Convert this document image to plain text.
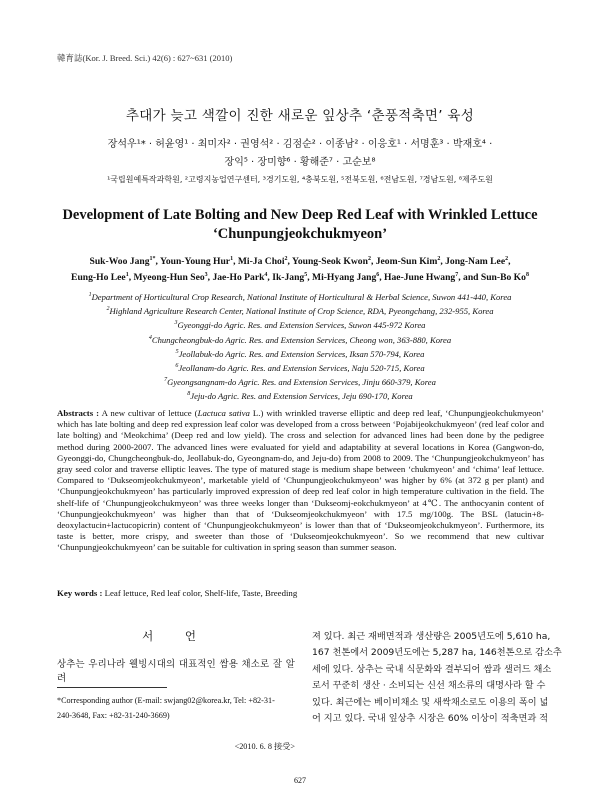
韓育誌(Kor. J. Breed. Sci.) 42(6) : 627~631 (2010)
추대가 늦고 색깔이 진한 새로운 잎상추 ‘춘풍적축면’ 육성
장석우¹* · 허윤영¹ · 최미자² · 권영석² · 김점순² · 이종남² · 이응호¹ · 서명훈³ · 박재호⁴ ·
장익⁵ · 장미향⁶ · 황해준⁷ · 고순보⁸
¹국립원예특작과학원, ²고령지농업연구센터, ³경기도원, ⁴충북도원, ⁵전북도원, ⁶전남도원, ⁷경남도원, ⁸제주도원
Development of Late Bolting and New Deep Red Leaf with Wrinkled Lettuce
‘Chunpungjeokchukmyeon’
Suk-Woo Jang$^{1*}$, Youn-Young Hur$^1$, Mi-Ja Choi$^2$, Young-Seok Kwon$^2$, Jeom-Sun Kim$^2$, Jong-Nam Lee$^2$,
Eung-Ho Lee$^1$, Myeong-Hun Seo$^3$, Jae-Ho Park$^4$, Ik-Jang$^5$, Mi-Hyang Jang$^6$, Hae-June Hwang$^7$, and Sun-Bo Ko$^8$
$^1$Department of Horticultural Crop Research, National Institute of Horticultural & Herbal Science, Suwon 441-440, Korea
$^2$Highland Agriculture Research Center, National Institute of Crop Science, RDA, Pyeongchang, 232-955, Korea
$^3$Gyeonggi-do Agric. Res. and Extension Services, Suwon 445-972 Korea
$^4$Chungcheongbuk-do Agric. Res. and Extension Services, Cheong won, 363-880, Korea
$^5$Jeollabuk-do Agric. Res. and Extension Services, Iksan 570-794, Korea
$^6$Jeollanam-do Agric. Res. and Extension Services, Naju 520-715, Korea
$^7$Gyeongsangnam-do Agric. Res. and Extension Services, Jinju 660-379, Korea
$^8$Jeju-do Agric. Res. and Extension Services, Jeju 690-170, Korea
Abstracts : A new cultivar of lettuce (Lactuca sativa L.) with wrinkled traverse elliptic and deep red leaf, ‘Chunpungjeokchukmyeon’ which has late bolting and deep red expression leaf color was developed from a cross between ‘Pojabijeokchukmyeon’ (red leaf color and late bolting) and ‘Meokchima’ (Deep red and low yield). The cross and selection for advanced lines had been done by the pedigree method during 2000-2007. The advanced lines were evaluated for yield and adaptability at several locations in Korea (Gangwon-do, Gyeonggi-do, Chungcheongbuk-do, Jeollabuk-do, Gyeongnam-do, and Jeju-do) from 2008 to 2009. The ‘Chunpungjeokchukmyeon’ has gray seed color and traverse elliptic leaves. The type of matured stage is medium shape between ‘chukmyeon’ and ‘chima’ leaf lettuce. Compared to ‘Dukseomjeokchukmyeon’, marketable yield of ‘Chunpungjeokchukmyeon’ was higher by 6% (at 372 g per plant) and ‘Chunpungjeokchukmyeon’ has particularly improved expression of deep red leaf color in high temperature cultivation in the field. The shelf-life of ‘Chunpungjeokchukmyeon’ was three weeks longer than ‘Dukseomj-eokchukmyeon’ at 4℃. The anthocyanin content of ‘Chunpungjeokchukmyeon’ was higher than that of ‘Dukseomjeokchukmyeon’ with 17.5 mg/100g. The BSL (latucin+8-deoxylactucin+lactucopicrin) content of ‘Chunpungjeokchukmyeon’ is lower than that of ‘Dukseomjeokchukmyeon’. Furthermore, its taste is better, more crispy, and sweeter than those of ‘Dukseomjeokchukmyeon’. So we recommend that new cultivar ‘Chunpungjeokchukmyeon’ can be suitable for cultivation in spring season than summer season.
Key words : Leaf lettuce, Red leaf color, Shelf-life, Taste, Breeding
서 언
상추는 우리나라 웰빙시대의 대표적인 쌈용 채소로 잘 알려
*Corresponding author (E-mail: swjang02@korea.kr, Tel: +82-31-
240-3648, Fax: +82-31-240-3669)
<2010. 6. 8 接受>
져 있다. 최근 재배면적과 생산량은 2005년도에 5,610 ha,
167 천톤에서 2009년도에는 5,287 ha, 146천톤으로 감소추
세에 있다. 상추는 국내 식문화와 결부되어 쌈과 샐러드 채소
로서 꾸준히 생산 · 소비되는 신선 채소류의 대명사라 할 수
있다. 최근에는 베이비채소 및 새싹채소로도 이용의 폭이 넓
어 지고 있다. 국내 잎상추 시장은 60% 이상이 적축면과 적
627
